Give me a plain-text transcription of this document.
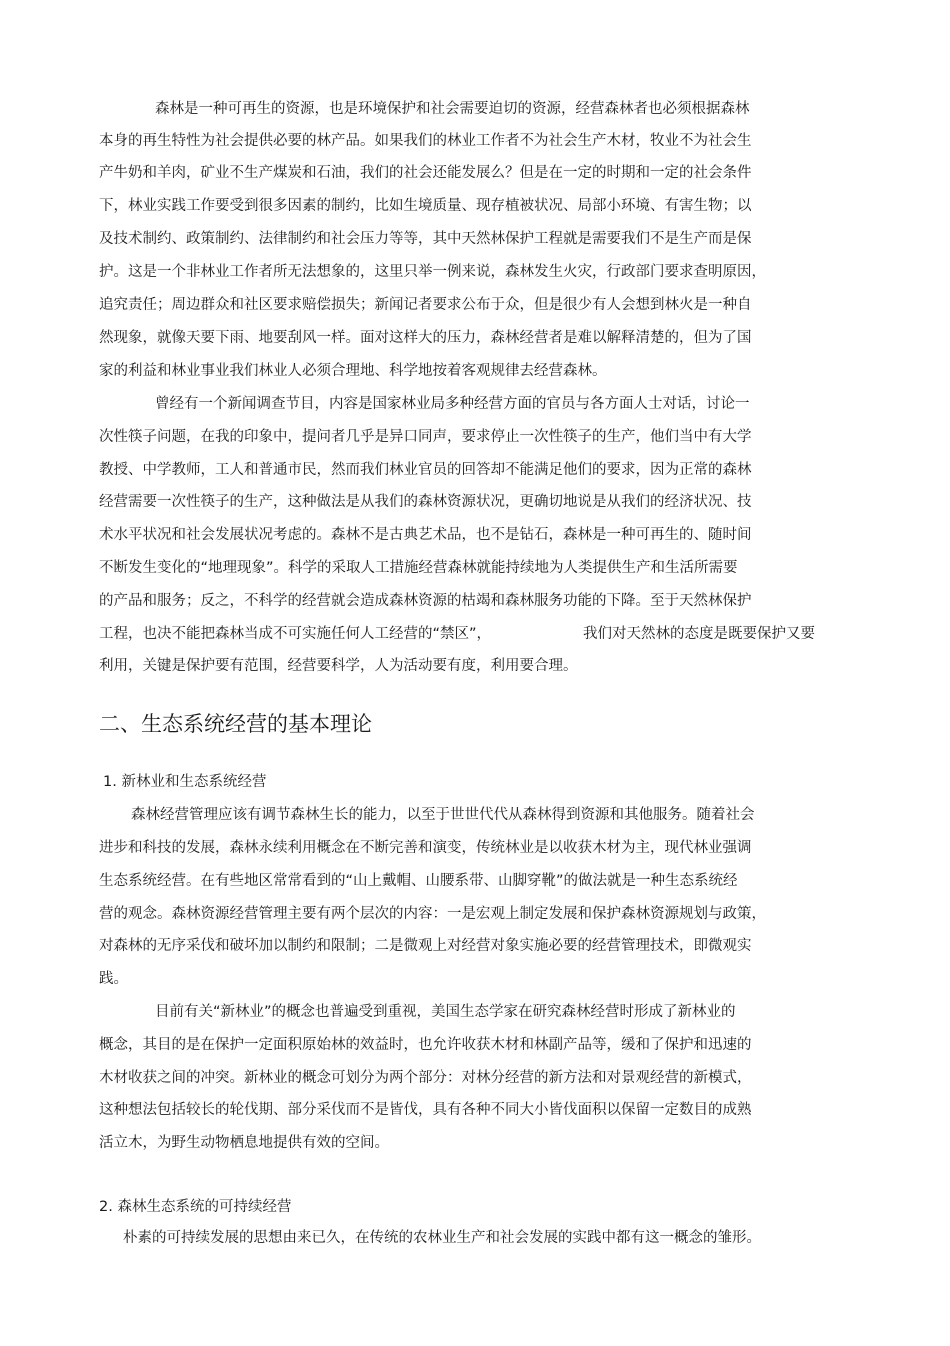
森林是一种可再生的资源，也是环境保护和社会需要迫切的资源，经营森林者也必须根据森林

本身的再生特性为社会提供必要的林产品。如果我们的林业工作者不为社会生产木材，牧业不为社会生

产牛奶和羊肉，矿业不生产煤炭和石油，我们的社会还能发展么？但是在一定的时期和一定的社会条件

下，林业实践工作要受到很多因素的制约，比如生境质量、现存植被状况、局部小环境、有害生物；以

及技术制约、政策制约、法律制约和社会压力等等，其中天然林保护工程就是需要我们不是生产而是保

护。这是一个非林业工作者所无法想象的，这里只举一例来说，森林发生火灾，行政部门要求查明原因，

追究责任；周边群众和社区要求赔偿损失；新闻记者要求公布于众，但是很少有人会想到林火是一种自

然现象，就像天要下雨、地要刮风一样。面对这样大的压力，森林经营者是难以解释清楚的，但为了国

家的利益和林业事业我们林业人必须合理地、科学地按着客观规律去经营森林。

曾经有一个新闻调查节目，内容是国家林业局多种经营方面的官员与各方面人士对话，讨论一

次性筷子问题，在我的印象中，提问者几乎是异口同声，要求停止一次性筷子的生产，他们当中有大学

教授、中学教师，工人和普通市民，然而我们林业官员的回答却不能满足他们的要求，因为正常的森林

经营需要一次性筷子的生产，这种做法是从我们的森林资源状况，更确切地说是从我们的经济状况、技

术水平状况和社会发展状况考虑的。森林不是古典艺术品，也不是钻石，森林是一种可再生的、随时间

不断发生变化的“地理现象”。科学的采取人工措施经营森林就能持续地为人类提供生产和生活所需要

的产品和服务；反之，不科学的经营就会造成森林资源的枯竭和森林服务功能的下降。至于天然林保护

工程，也决不能把森林当成不可实施任何人工经营的“禁区”，	我们对天然林的态度是既要保护又要

利用，关键是保护要有范围，经营要科学，人为活动要有度，利用要合理。

二、生态系统经营的基本理论
1. 新林业和生态系统经营

森林经营管理应该有调节森林生长的能力，以至于世世代代从森林得到资源和其他服务。随着社会

进步和科技的发展，森林永续利用概念在不断完善和演变，传统林业是以收获木材为主，现代林业强调

生态系统经营。在有些地区常常看到的“山上戴帽、山腰系带、山脚穿靴”的做法就是一种生态系统经

营的观念。森林资源经营管理主要有两个层次的内容：一是宏观上制定发展和保护森林资源规划与政策，

对森林的无序采伐和破坏加以制约和限制；二是微观上对经营对象实施必要的经营管理技术，即微观实

践。

目前有关“新林业”的概念也普遍受到重视，美国生态学家在研究森林经营时形成了新林业的

概念，其目的是在保护一定面积原始林的效益时，也允许收获木材和林副产品等，缓和了保护和迅速的

木材收获之间的冲突。新林业的概念可划分为两个部分：对林分经营的新方法和对景观经营的新模式，

这种想法包括较长的轮伐期、部分采伐而不是皆伐，具有各种不同大小皆伐面积以保留一定数目的成熟

活立木，为野生动物栖息地提供有效的空间。

2. 森林生态系统的可持续经营

朴素的可持续发展的思想由来已久，在传统的农林业生产和社会发展的实践中都有这一概念的雏形。
